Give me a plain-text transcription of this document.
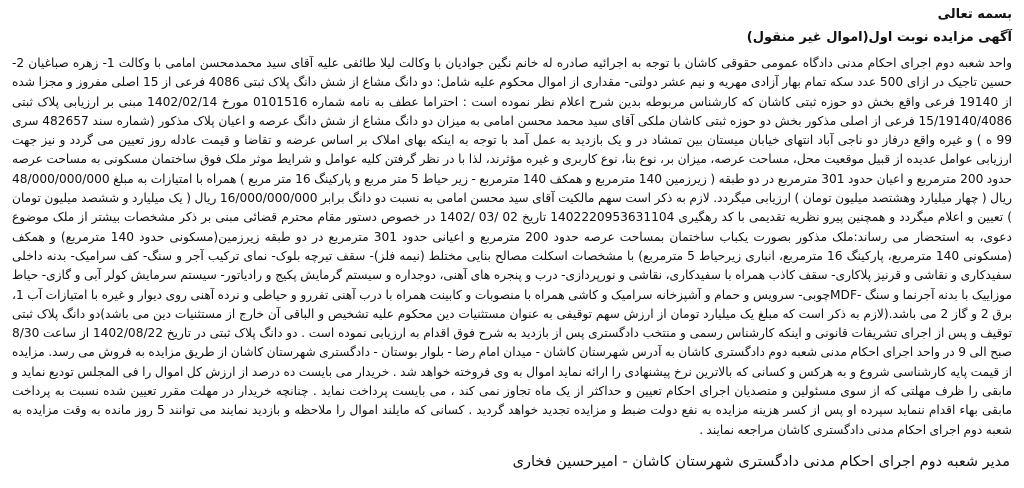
بسمه تعالی

آگهی مزایده نوبت اول(اموال غیر منقول)

واحد شعبه دوم اجرای احکام مدنی دادگاه عمومی حقوقی کاشان با توجه به اجرائیه صادره له خانم نگین جوادیان با وکالت لیلا طائفی علیه آقای سید محمدمحسن امامی با وکالت 1- زهره صباغیان 2- حسین تاجیک در ازای 500 عدد سکه تمام بهار آزادی مهریه و نیم عشر دولتی- مقداری از اموال محکوم علیه شامل: دو دانگ مشاع از شش دانگ پلاک ثبتی 4086 فرعی از 15 اصلی مفروز و مجزا شده از 19140 فرعی واقع بخش دو حوزه ثبتی کاشان که کارشناس مربوطه بدین شرح اعلام نظر نموده است : احتراما عطف به نامه شماره 0101516 مورخ 1402/02/14 مبنی بر ارزیابی پلاک ثبتی 15/19140/4086 فرعی از اصلی مذکور بخش دو حوزه ثبتی کاشان ملکی آقای سید محمد محسن امامی به میزان دو دانگ مشاع از شش دانگ عرصه و اعیان پلاک مذکور (شماره سند 482657 سری 99 ه ) و غیره واقع درفاز دو ناجی آباد انتهای خیابان میستان بین تمشاد در و یک بازدید به عمل آمد با توجه به اینکه بهای املاک بر اساس عرضه و تقاضا و قیمت عادله روز تعیین می گردد و نیز جهت ارزیابی عوامل عدیده از قبیل موقعیت محل، مساحت عرصه، میزان بر، نوع بنا، نوع کاربری و غیره مؤثرند، لذا با در نظر گرفتن کلیه عوامل و شرایط موثر ملک فوق ساختمان مسکونی به مساحت عرصه حدود 200 مترمربع و اعیان حدود 301 مترمربع در دو طبقه ( زیرزمین 140 مترمربع و همکف 140 مترمربع - زیر حیاط 5 متر مربع و پارکینگ 16 متر مربع ) همراه با امتیازات به مبلغ 48/000/000/000 ریال ( چهار میلیارد وهشتصد میلیون تومان ) ارزیابی میگردد. لازم به ذکر است سهم مالکیت آقای سید محسن امامی به نسبت دو دانگ برابر 16/000/000/000 ریال ( یک میلیارد و ششصد میلیون تومان ) تعیین و اعلام میگردد و همچنین پیرو نظریه تقدیمی با کد رهگیری 1402220953631104 تاریخ 02 /03 /1402 در خصوص دستور مقام محترم قضائی مبنی بر ذکر مشخصات بیشتر از ملک موضوع دعوی، به استحضار می رساند:ملک مذکور بصورت یکباب ساختمان بمساحت عرصه حدود 200 مترمربع و اعیانی حدود 301 مترمربع در دو طبقه زیرزمین(مسکونی حدود 140 مترمربع) و همکف (مسکونی 140 مترمربع، پارکینگ 16 مترمربع، انباری زیرحیاط 5 مترمربع) با مشخصات اسکلت مصالح بنایی مختلط (نیمه فلز)- سقف تیرچه بلوک- نمای ترکیب آجر و سنگ- کف سرامیک- بدنه داخلی سفیدکاری و نقاشی و قرنیز پلاکاری- سقف کاذب همراه با سفیدکاری، نقاشی و نورپردازی- درب و پنجره های آهنی، دوجداره و سیستم گرمایش پکیج و رادیاتور- سیستم سرمایش کولر آبی و گازی- حیاط موزاییک با بدنه آجرنما و سنگ -MDFچوبی- سرویس و حمام و آشپزخانه سرامیک و کاشی همراه با منصوبات و کابینت همراه با درب آهنی تفررو و حیاطی و نرده آهنی روی دیوار و غیره با امتیازات آب 1، برق 2 و گاز 2 می باشد.(لازم به ذکر است که مبلغ یک میلیارد تومان از ارزش سهم توقیفی به عنوان مستثنیات دین محکوم علیه تشخیص و الباقی آن خارج از مستثنیات دین می باشد)دو دانگ پلاک ثبتی توقیف و پس از اجرای تشریفات قانونی و اینکه کارشناس رسمی و منتخب دادگستری پس از بازدید به شرح فوق اقدام به ارزیابی نموده است . دو دانگ پلاک ثبتی در تاریخ 1402/08/22 از ساعت 8/30 صبح الی 9 در واحد اجرای احکام مدنی شعبه دوم دادگستری کاشان به آدرس شهرستان کاشان - میدان امام رضا - بلوار بوستان - دادگستری شهرستان کاشان از طریق مزایده به فروش می رسد. مزایده از قیمت پایه کارشناسی شروع و به هرکس و کسانی که بالاترین نرخ پیشنهادی را ارائه نماید اموال به وی فروخته خواهد شد . خریدار می بایست ده درصد از ارزش کل اموال را فی المجلس تودیع نماید و مابقی را ظرف مهلتی که از سوی مسئولین و متصدیان اجرای احکام تعیین و حداکثر از یک ماه تجاوز نمی کند ، می بایست پرداخت نماید . چنانچه خریدار در مهلت مقرر تعیین شده نسبت به پرداخت مابقی بهاء اقدام ننماید سپرده او پس از کسر هزینه مزایده به نفع دولت ضبط و مزایده تجدید خواهد گردید . کسانی که مایلند اموال را ملاحظه و بازدید نمایند می توانند 5 روز مانده به وقت مزایده به شعبه دوم اجرای احکام مدنی دادگستری کاشان مراجعه نمایند .
مدیر شعبه دوم اجرای احکام مدنی دادگستری شهرستان کاشان - امیرحسین فخاری
